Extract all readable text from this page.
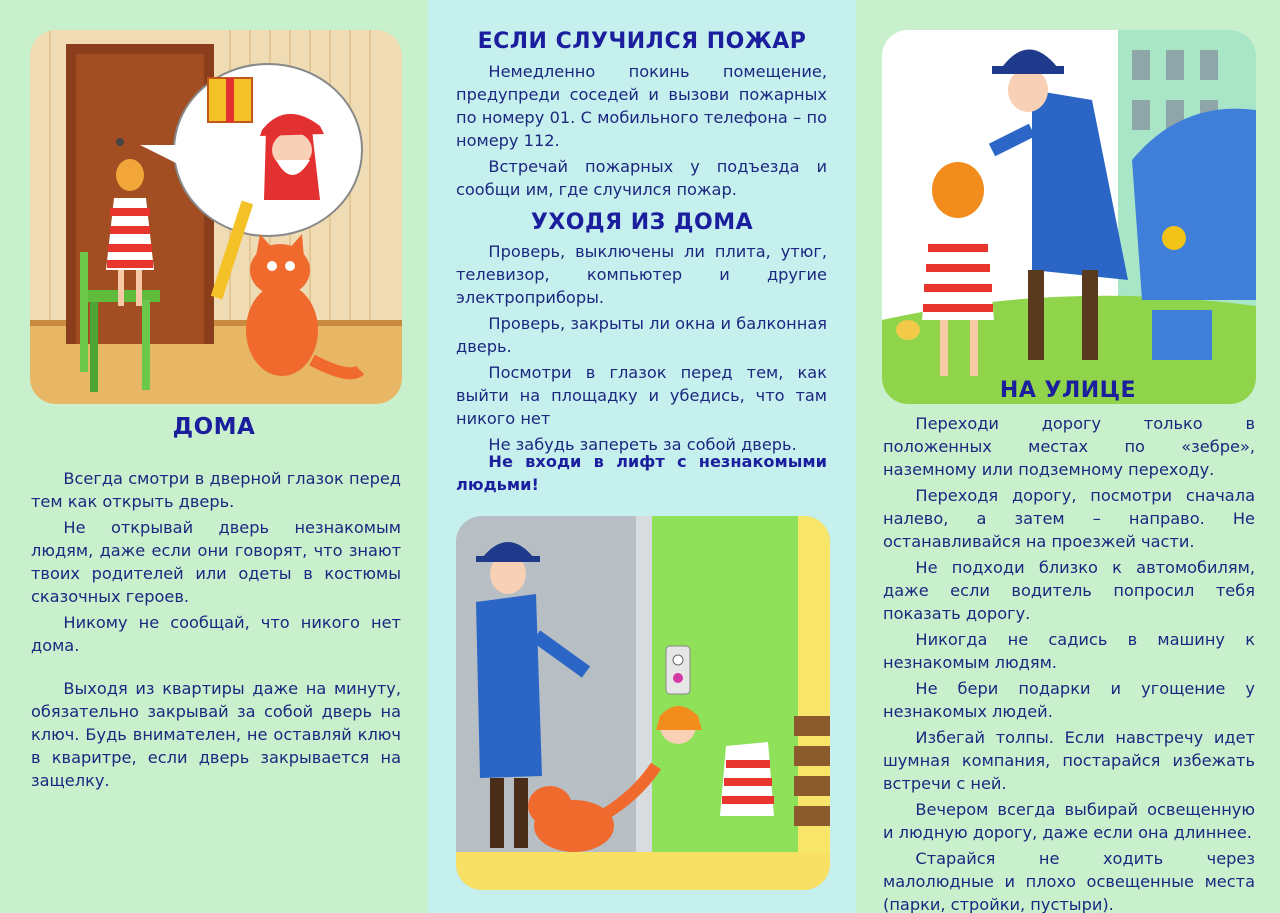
ДОМА

Всегда смотри в дверной глазок перед тем как открыть дверь.

Не открывай дверь незнакомым людям, даже если они говорят, что знают твоих родителей или одеты в костюмы сказочных героев.

Никому не сообщай, что никого нет дома.

Выходя из квартиры даже на минуту, обязательно закрывай за собой дверь на ключ. Будь внимателен, не оставляй ключ в кваритре, если дверь закрывается на защелку.

ЕСЛИ СЛУЧИЛСЯ ПОЖАР

Немедленно покинь помещение, предупреди соседей и вызови пожарных по номеру 01. С мобильного телефона – по номеру 112.

Встречай пожарных у подъезда и сообщи им, где случился пожар.

УХОДЯ ИЗ ДОМА

Проверь, выключены ли плита, утюг, телевизор, компьютер и другие электроприборы.

Проверь, закрыты ли окна и балконная дверь.

Посмотри в глазок перед тем, как выйти на площадку и убедись, что там никого нет

Не забудь запереть за собой дверь.

Не входи в лифт с незнакомыми людьми!

НА УЛИЦЕ

Переходи дорогу только в положенных местах по «зебре», наземному или подземному переходу.

Переходя дорогу, посмотри сначала налево, а затем – направо. Не останавливайся на проезжей части.

Не подходи близко к автомобилям, даже если водитель попросил тебя показать дорогу.

Никогда не садись в машину к незнакомым людям.

Не бери подарки и угощение у незнакомых людей.

Избегай толпы. Если навстречу идет шумная компания, постарайся избежать встречи с ней.

Вечером всегда выбирай освещенную и людную дорогу, даже если она длиннее.

Старайся не ходить через малолюдные и плохо освещенные места (парки, стройки, пустыри).
